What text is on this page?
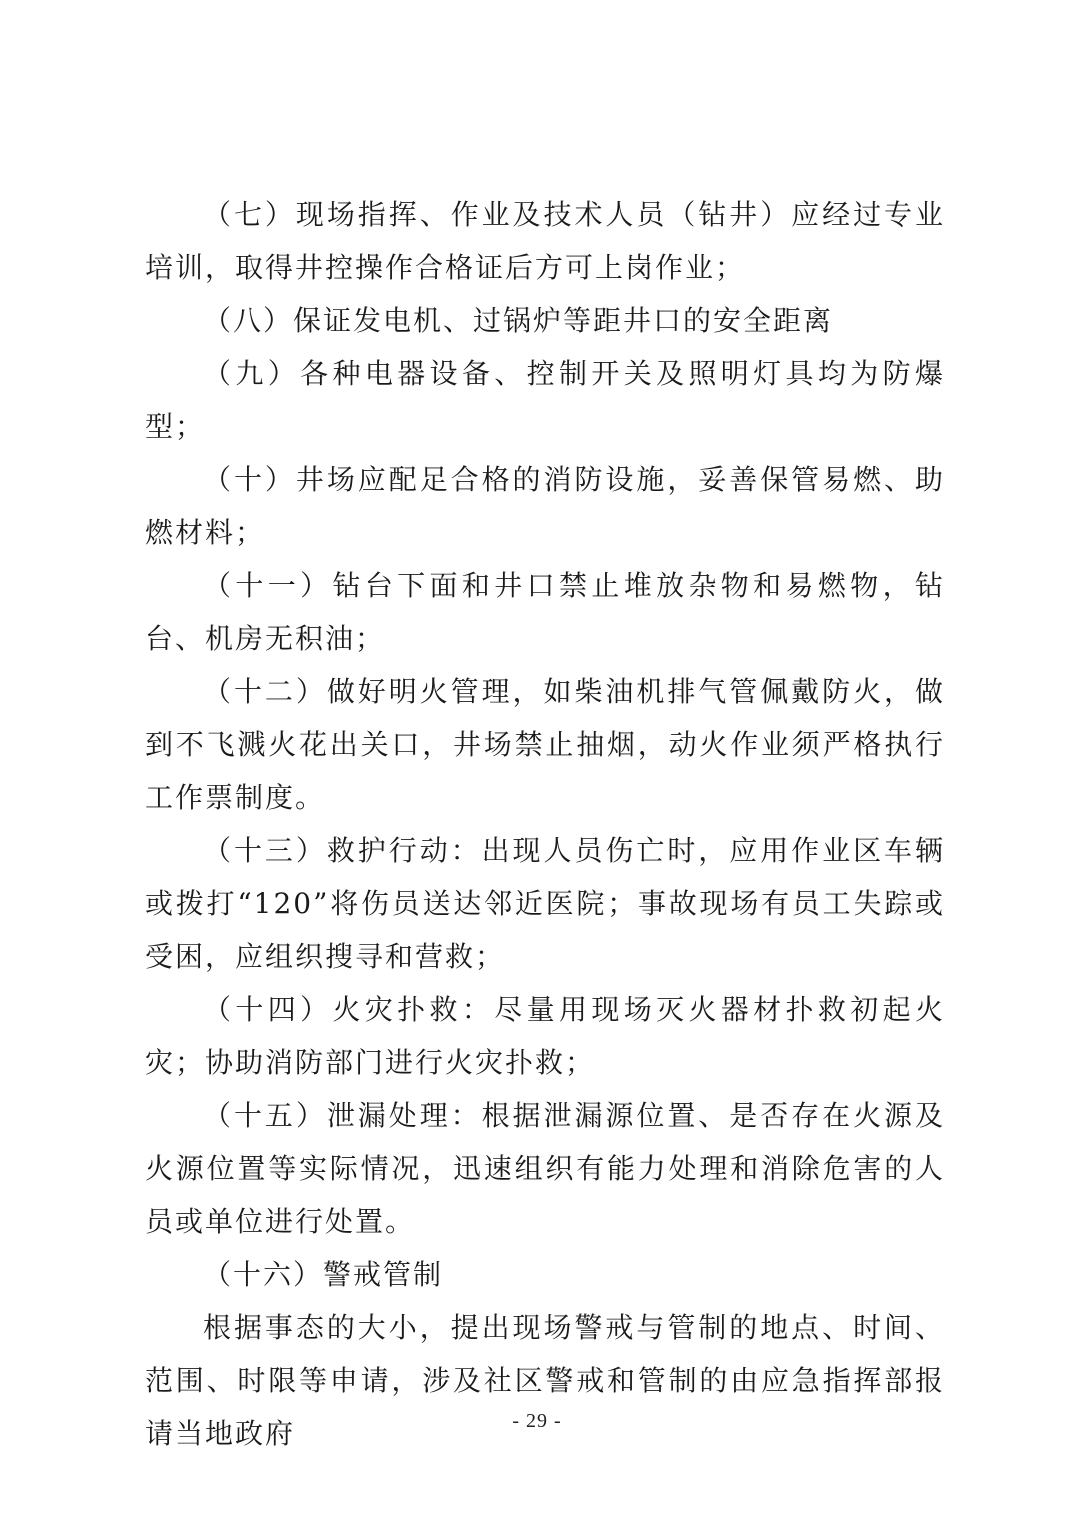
（七）现场指挥、作业及技术人员（钻井）应经过专业培训，取得井控操作合格证后方可上岗作业；

（八）保证发电机、过锅炉等距井口的安全距离

（九）各种电器设备、控制开关及照明灯具均为防爆型；

（十）井场应配足合格的消防设施，妥善保管易燃、助燃材料；

（十一）钻台下面和井口禁止堆放杂物和易燃物，钻台、机房无积油；

（十二）做好明火管理，如柴油机排气管佩戴防火，做到不飞溅火花出关口，井场禁止抽烟，动火作业须严格执行工作票制度。

（十三）救护行动：出现人员伤亡时，应用作业区车辆或拨打“120”将伤员送达邻近医院；事故现场有员工失踪或受困，应组织搜寻和营救；

（十四）火灾扑救：尽量用现场灭火器材扑救初起火灾；协助消防部门进行火灾扑救；

（十五）泄漏处理：根据泄漏源位置、是否存在火源及火源位置等实际情况，迅速组织有能力处理和消除危害的人员或单位进行处置。

（十六）警戒管制

根据事态的大小，提出现场警戒与管制的地点、时间、范围、时限等申请，涉及社区警戒和管制的由应急指挥部报请当地政府	- 29 -
